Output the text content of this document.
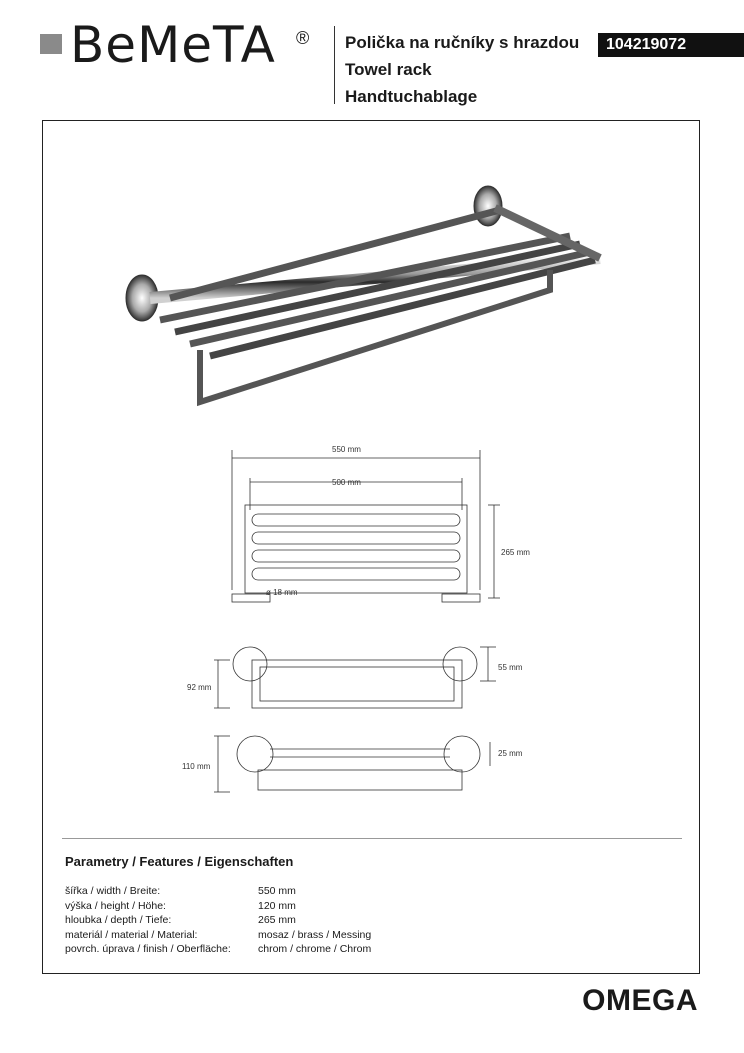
BeMeTA ® Polička na ručníky s hrazdou
Towel rack
Handtuchablage
104219072
550 mm
500 mm
265 mm
ø 18 mm
55 mm
92 mm
25 mm
110 mm
Parametry / Features / Eigenschaften
šířka / width / Breite:	550 mm
výška / height / Höhe:	120 mm
hloubka / depth / Tiefe:	265 mm
materiál / material / Material:	mosaz / brass / Messing
povrch. úprava / finish / Oberfläche:	chrom / chrome / Chrom
OMEGA
